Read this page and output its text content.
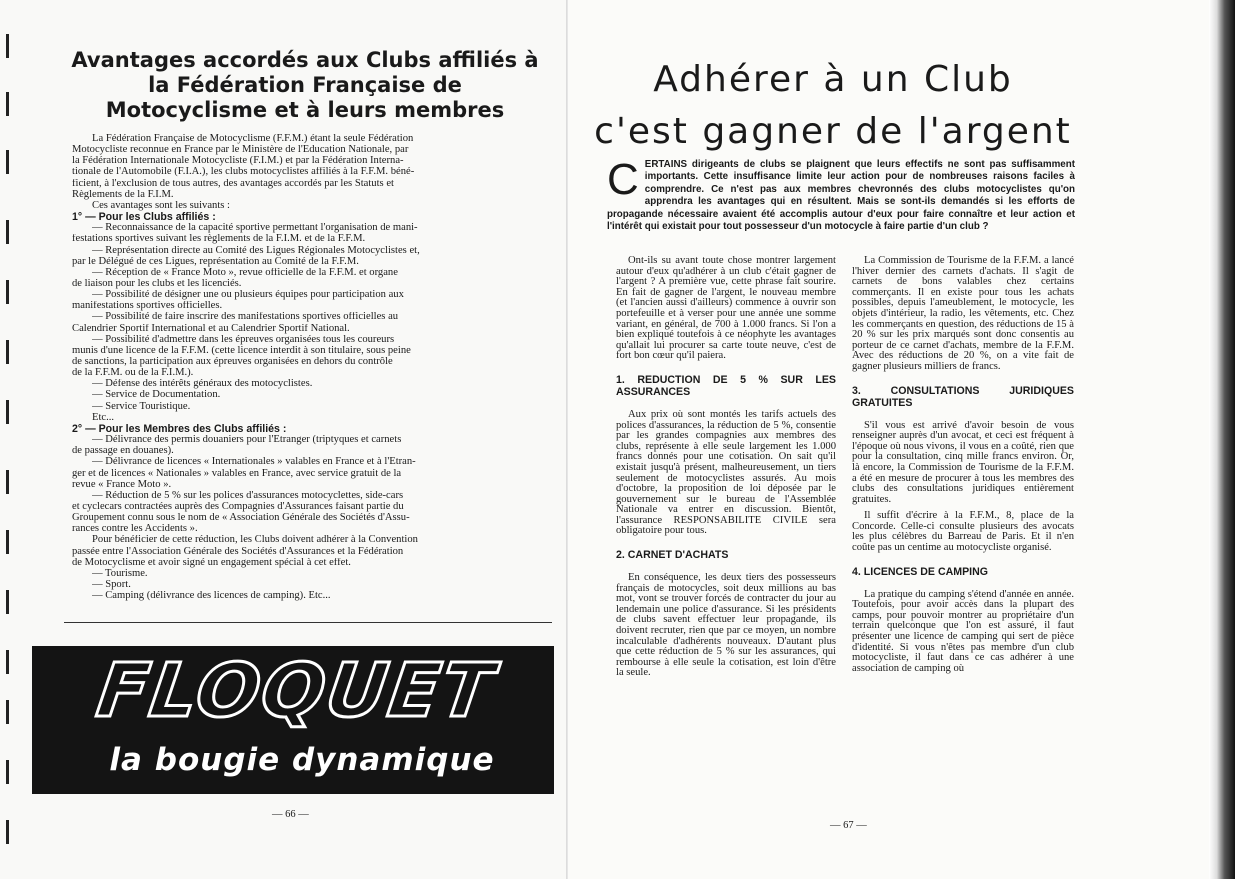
Avantages accordés aux Clubs affiliés à la Fédération Française de Motocyclisme et à leurs membres
La Fédération Française de Motocyclisme (F.F.M.) étant la seule Fédération
Motocycliste reconnue en France par le Ministère de l'Education Nationale, par
la Fédération Internationale Motocycliste (F.I.M.) et par la Fédération Interna-
tionale de l'Automobile (F.I.A.), les clubs motocyclistes affiliés à la F.F.M. béné-
ficient, à l'exclusion de tous autres, des avantages accordés par les Statuts et
Règlements de la F.I.M.
Ces avantages sont les suivants :
1° — Pour les Clubs affiliés :
— Reconnaissance de la capacité sportive permettant l'organisation de mani-
festations sportives suivant les règlements de la F.I.M. et de la F.F.M.
— Représentation directe au Comité des Ligues Régionales Motocyclistes et,
par le Délégué de ces Ligues, représentation au Comité de la F.F.M.
— Réception de « France Moto », revue officielle de la F.F.M. et organe
de liaison pour les clubs et les licenciés.
— Possibilité de désigner une ou plusieurs équipes pour participation aux
manifestations sportives officielles.
— Possibilité de faire inscrire des manifestations sportives officielles au
Calendrier Sportif International et au Calendrier Sportif National.
— Possibilité d'admettre dans les épreuves organisées tous les coureurs
munis d'une licence de la F.F.M. (cette licence interdit à son titulaire, sous peine
de sanctions, la participation aux épreuves organisées en dehors du contrôle
de la F.F.M. ou de la F.I.M.).
— Défense des intérêts généraux des motocyclistes.
— Service de Documentation.
— Service Touristique.
Etc...
2° — Pour les Membres des Clubs affiliés :
— Délivrance des permis douaniers pour l'Etranger (triptyques et carnets
de passage en douanes).
— Délivrance de licences « Internationales » valables en France et à l'Etran-
ger et de licences « Nationales » valables en France, avec service gratuit de la
revue « France Moto ».
— Réduction de 5 % sur les polices d'assurances motocyclettes, side-cars
et cyclecars contractées auprès des Compagnies d'Assurances faisant partie du
Groupement connu sous le nom de « Association Générale des Sociétés d'Assu-
rances contre les Accidents ».
Pour bénéficier de cette réduction, les Clubs doivent adhérer à la Convention
passée entre l'Association Générale des Sociétés d'Assurances et la Fédération
de Motocyclisme et avoir signé un engagement spécial à cet effet.
— Tourisme.
— Sport.
— Camping (délivrance des licences de camping). Etc...
FLOQUET
la bougie dynamique
— 66 —
Adhérer à un Club
c'est gagner de l'argent

Ont-ils su avant toute chose montrer largement autour d'eux qu'adhérer à un club c'était gagner de l'argent ? A première vue, cette phrase fait sourire. En fait de gagner de l'argent, le nouveau membre (et l'ancien aussi d'ailleurs) commence à ouvrir son portefeuille et à verser pour une année une somme variant, en général, de 700 à 1.000 francs. Si l'on a bien expliqué toutefois à ce néophyte les avantages qu'allait lui procurer sa carte toute neuve, c'est de fort bon cœur qu'il paiera.

1. REDUCTION DE 5 % SUR LES ASSURANCES

Aux prix où sont montés les tarifs actuels des polices d'assurances, la réduction de 5 %, consentie par les grandes compagnies aux membres des clubs, représente à elle seule largement les 1.000 francs donnés pour une cotisation. On sait qu'il existait jusqu'à présent, malheureusement, un tiers seulement de motocyclistes assurés. Au mois d'octobre, la proposition de loi déposée par le gouvernement sur le bureau de l'Assemblée Nationale va entrer en discussion. Bientôt, l'assurance RESPONSABILITE CIVILE sera obligatoire pour tous.

2. CARNET D'ACHATS

En conséquence, les deux tiers des possesseurs français de motocycles, soit deux millions au bas mot, vont se trouver forcés de contracter du jour au lendemain une police d'assurance. Si les présidents de clubs savent effectuer leur propagande, ils doivent recruter, rien que par ce moyen, un nombre incalculable d'adhérents nouveaux. D'autant plus que cette réduction de 5 % sur les assurances, qui rembourse à elle seule la cotisation, est loin d'être la seule.

La Commission de Tourisme de la F.F.M. a lancé l'hiver dernier des carnets d'achats. Il s'agit de carnets de bons valables chez certains commerçants. Il en existe pour tous les achats possibles, depuis l'ameublement, le motocycle, les objets d'intérieur, la radio, les vêtements, etc. Chez les commerçants en question, des réductions de 15 à 20 % sur les prix marqués sont donc consentis au porteur de ce carnet d'achats, membre de la F.F.M. Avec des réductions de 20 %, on a vite fait de gagner plusieurs milliers de francs.

3. CONSULTATIONS JURIDIQUES GRATUITES

S'il vous est arrivé d'avoir besoin de vous renseigner auprès d'un avocat, et ceci est fréquent à l'époque où nous vivons, il vous en a coûté, rien que pour la consultation, cinq mille francs environ. Or, là encore, la Commission de Tourisme de la F.F.M. a été en mesure de procurer à tous les membres des clubs des consultations juridiques entièrement gratuites.

Il suffit d'écrire à la F.F.M., 8, place de la Concorde. Celle-ci consulte plusieurs des avocats les plus célèbres du Barreau de Paris. Et il n'en coûte pas un centime au motocycliste organisé.

4. LICENCES DE CAMPING

La pratique du camping s'étend d'année en année. Toutefois, pour avoir accès dans la plupart des camps, pour pouvoir montrer au propriétaire d'un terrain quelconque que l'on est assuré, il faut présenter une licence de camping qui sert de pièce d'identité. Si vous n'êtes pas membre d'un club motocycliste, il faut dans ce cas adhérer à une association de camping où

— 67 —
C ERTAINS dirigeants de clubs se plaignent que leurs effectifs ne sont pas suffisamment importants. Cette insuffisance limite leur action pour de nombreuses raisons faciles à comprendre. Ce n'est pas aux membres chevronnés des clubs motocyclistes qu'on apprendra les avantages qui en résultent. Mais se sont-ils demandés si les efforts de propagande nécessaire avaient été accomplis autour d'eux pour faire connaître et leur action et l'intérêt qui existait pour tout possesseur d'un motocycle à faire partie d'un club ?
